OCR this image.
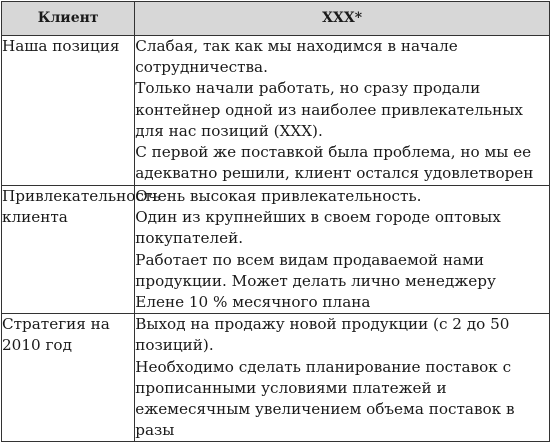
Клиент	XXX*
Наша позиция	Слабая, так как мы находимся в начале сотрудничества.
Только начали работать, но сразу продали контейнер одной из наиболее привлекательных для нас позиций (XXX).
С первой же поставкой была проблема, но мы ее адекватно решили, клиент остался удовлетворен

Привлекательность клиента	Очень высокая привлекательность.
Один из крупнейших в своем городе оптовых покупателей.
Работает по всем видам продаваемой нами продукции. Может делать лично менеджеру Елене 10 % месячного плана

Стратегия на 2010 год	Выход на продажу новой продукции (с 2 до 50 позиций).
Необходимо сделать планирование поставок с прописанными условиями платежей и ежемесячным увеличением объема поставок в разы
